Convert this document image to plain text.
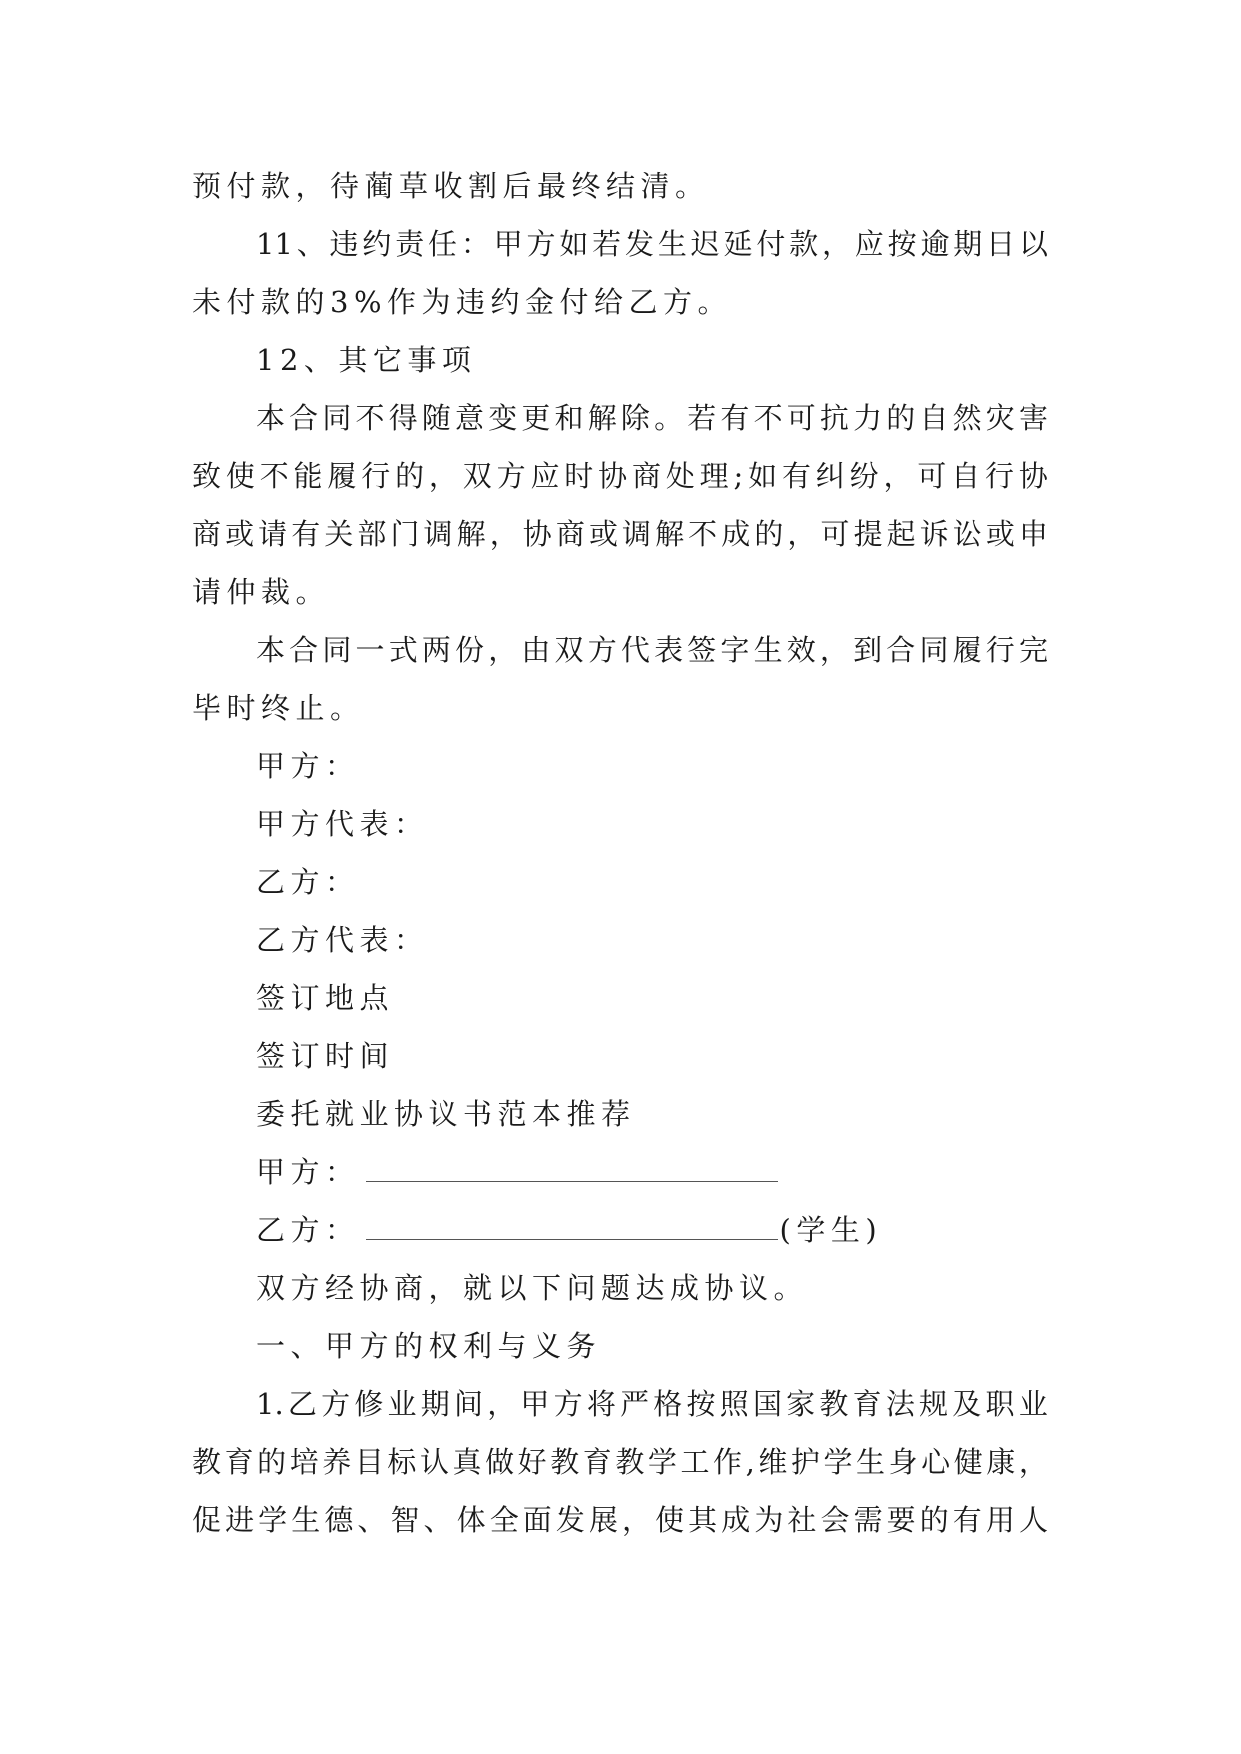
预付款，待蔺草收割后最终结清。
11 、 违 约 责 任 ： 甲 方 如 若 发 生 迟 延 付 款 ， 应 按 逾 期 日 以
未付款的3%作为违约金付给乙方。
12、其它事项
本 合 同 不 得 随 意 变 更 和 解 除 。 若 有 不 可 抗 力 的 自 然 灾 害
致 使 不 能 履 行 的 ， 双 方 应 时 协 商 处 理 ; 如 有 纠 纷 ， 可 自 行 协
商 或 请 有 关 部 门 调 解 ， 协 商 或 调 解 不 成 的 ， 可 提 起 诉 讼 或 申
请仲裁。
本 合 同 一 式 两 份 ， 由 双 方 代 表 签 字 生 效 ， 到 合 同 履 行 完
毕时终止。
甲方：
甲方代表：
乙方：
乙方代表：
签订地点
签订时间
委托就业协议书范本推荐
甲方：
乙方：	(学生)
双方经协商，就以下问题达成协议。
一、甲方的权利与义务
1. 乙 方 修 业 期 间 ， 甲 方 将 严 格 按 照 国 家 教 育 法 规 及 职 业
教 育 的 培 养 目 标 认 真 做 好 教 育 教 学 工 作 , 维 护 学 生 身 心 健 康 ，
促 进 学 生 德 、 智 、 体 全 面 发 展 ， 使 其 成 为 社 会 需 要 的 有 用 人
